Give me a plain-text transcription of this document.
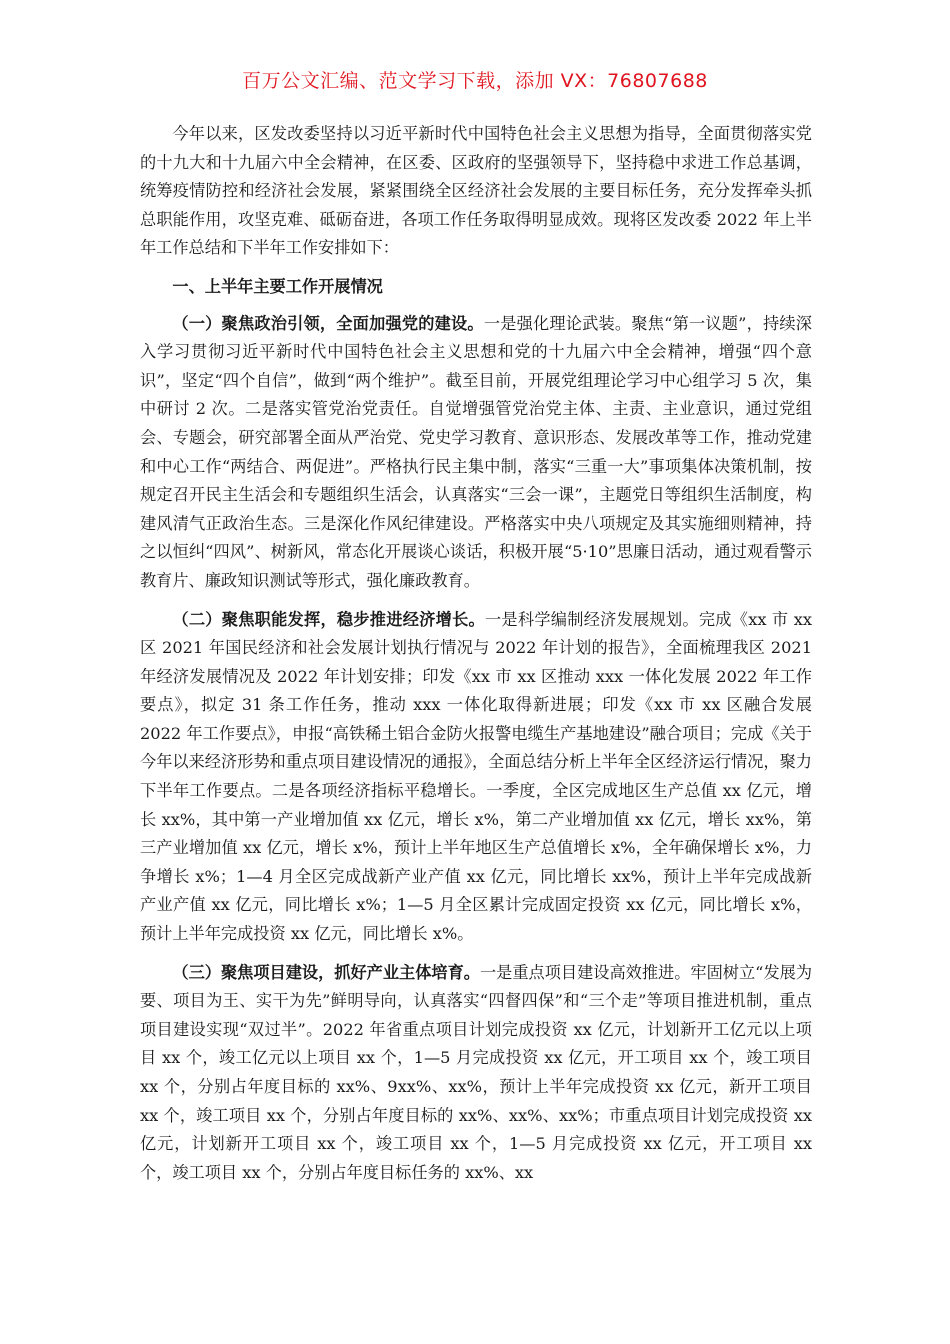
百万公文汇编、范文学习下载，添加 VX：76807688

今年以来，区发改委坚持以习近平新时代中国特色社会主义思想为指导，全面贯彻落实党的十九大和十九届六中全会精神，在区委、区政府的坚强领导下，坚持稳中求进工作总基调，统筹疫情防控和经济社会发展，紧紧围绕全区经济社会发展的主要目标任务，充分发挥牵头抓总职能作用，攻坚克难、砥砺奋进，各项工作任务取得明显成效。现将区发改委 2022 年上半年工作总结和下半年工作安排如下：

一、上半年主要工作开展情况

（一）聚焦政治引领，全面加强党的建设。一是强化理论武装。聚焦“第一议题”，持续深入学习贯彻习近平新时代中国特色社会主义思想和党的十九届六中全会精神，增强“四个意识”，坚定“四个自信”，做到“两个维护”。截至目前，开展党组理论学习中心组学习 5 次，集中研讨 2 次。二是落实管党治党责任。自觉增强管党治党主体、主责、主业意识，通过党组会、专题会，研究部署全面从严治党、党史学习教育、意识形态、发展改革等工作，推动党建和中心工作“两结合、两促进”。严格执行民主集中制，落实“三重一大”事项集体决策机制，按规定召开民主生活会和专题组织生活会，认真落实“三会一课”，主题党日等组织生活制度，构建风清气正政治生态。三是深化作风纪律建设。严格落实中央八项规定及其实施细则精神，持之以恒纠“四风”、树新风，常态化开展谈心谈话，积极开展“5·10”思廉日活动，通过观看警示教育片、廉政知识测试等形式，强化廉政教育。

（二）聚焦职能发挥，稳步推进经济增长。一是科学编制经济发展规划。完成《xx 市 xx 区 2021 年国民经济和社会发展计划执行情况与 2022 年计划的报告》，全面梳理我区 2021 年经济发展情况及 2022 年计划安排；印发《xx 市 xx 区推动 xxx 一体化发展 2022 年工作要点》，拟定 31 条工作任务，推动 xxx 一体化取得新进展；印发《xx 市 xx 区融合发展 2022 年工作要点》，申报“高铁稀土铝合金防火报警电缆生产基地建设”融合项目；完成《关于今年以来经济形势和重点项目建设情况的通报》，全面总结分析上半年全区经济运行情况，聚力下半年工作要点。二是各项经济指标平稳增长。一季度，全区完成地区生产总值 xx 亿元，增长 xx%，其中第一产业增加值 xx 亿元，增长 x%，第二产业增加值 xx 亿元，增长 xx%，第三产业增加值 xx 亿元，增长 x%，预计上半年地区生产总值增长 x%，全年确保增长 x%，力争增长 x%；1—4 月全区完成战新产业产值 xx 亿元，同比增长 xx%，预计上半年完成战新产业产值 xx 亿元，同比增长 x%；1—5 月全区累计完成固定投资 xx 亿元，同比增长 x%，预计上半年完成投资 xx 亿元，同比增长 x%。

（三）聚焦项目建设，抓好产业主体培育。一是重点项目建设高效推进。牢固树立“发展为要、项目为王、实干为先”鲜明导向，认真落实“四督四保”和“三个走”等项目推进机制，重点项目建设实现“双过半”。2022 年省重点项目计划完成投资 xx 亿元，计划新开工亿元以上项目 xx 个，竣工亿元以上项目 xx 个，1—5 月完成投资 xx 亿元，开工项目 xx 个，竣工项目 xx 个，分别占年度目标的 xx%、9xx%、xx%，预计上半年完成投资 xx 亿元，新开工项目 xx 个，竣工项目 xx 个，分别占年度目标的 xx%、xx%、xx%；市重点项目计划完成投资 xx 亿元，计划新开工项目 xx 个，竣工项目 xx 个，1—5 月完成投资 xx 亿元，开工项目 xx 个，竣工项目 xx 个，分别占年度目标任务的 xx%、xx
